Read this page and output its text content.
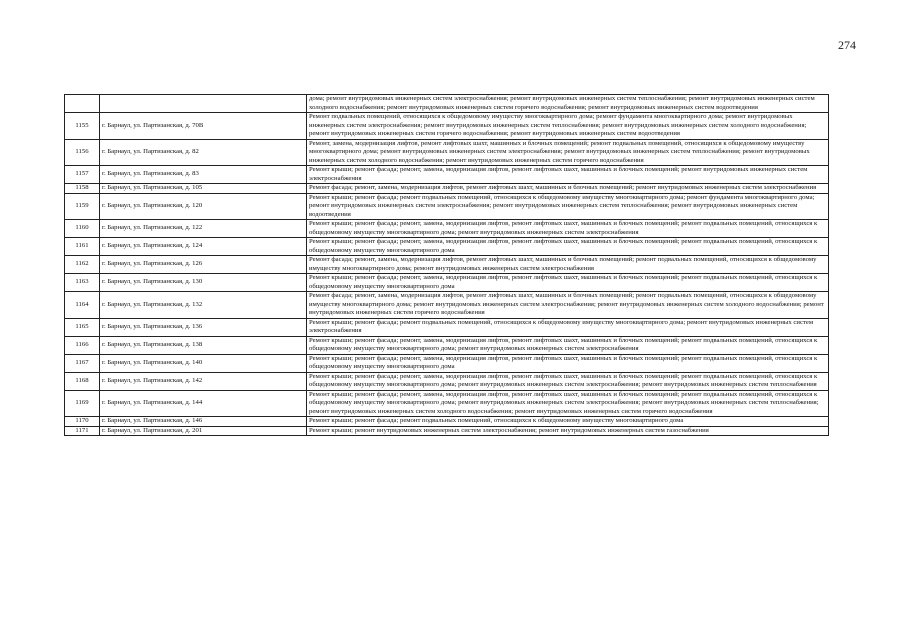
274
		дома; ремонт внутридомовых инженерных систем электроснабжения; ремонт внутридомовых инженерных систем теплоснабжения; ремонт внутридомовых инженерных систем холодного водоснабжения; ремонт внутридомовых инженерных систем горячего водоснабжения; ремонт внутридомовых инженерных систем водоотведения
1155	г. Барнаул, ул. Партизанская, д. 70В	Ремонт подвальных помещений, относящихся к общедомовому имуществу многоквартирного дома; ремонт фундамента многоквартирного дома; ремонт внутридомовых инженерных систем электроснабжения; ремонт внутридомовых инженерных систем теплоснабжения; ремонт внутридомовых инженерных систем холодного водоснабжения; ремонт внутридомовых инженерных систем горячего водоснабжения; ремонт внутридомовых инженерных систем водоотведения
1156	г. Барнаул, ул. Партизанская, д. 82	Ремонт, замена, модернизация лифтов, ремонт лифтовых шахт, машинных и блочных помещений; ремонт подвальных помещений, относящихся к общедомовому имуществу многоквартирного дома; ремонт внутридомовых инженерных систем электроснабжения; ремонт внутридомовых инженерных систем теплоснабжения; ремонт внутридомовых инженерных систем холодного водоснабжения; ремонт внутридомовых инженерных систем горячего водоснабжения
1157	г. Барнаул, ул. Партизанская, д. 83	Ремонт крыши; ремонт фасада; ремонт, замена, модернизация лифтов, ремонт лифтовых шахт, машинных и блочных помещений; ремонт внутридомовых инженерных систем электроснабжения
1158	г. Барнаул, ул. Партизанская, д. 105	Ремонт фасада; ремонт, замена, модернизация лифтов, ремонт лифтовых шахт, машинных и блочных помещений; ремонт внутридомовых инженерных систем электроснабжения
1159	г. Барнаул, ул. Партизанская, д. 120	Ремонт крыши; ремонт фасада; ремонт подвальных помещений, относящихся к общедомовому имуществу многоквартирного дома; ремонт фундамента многоквартирного дома; ремонт внутридомовых инженерных систем электроснабжения; ремонт внутридомовых инженерных систем теплоснабжения; ремонт внутридомовых инженерных систем водоотведения
1160	г. Барнаул, ул. Партизанская, д. 122	Ремонт крыши; ремонт фасада; ремонт, замена, модернизация лифтов, ремонт лифтовых шахт, машинных и блочных помещений; ремонт подвальных помещений, относящихся к общедомовому имуществу многоквартирного дома; ремонт внутридомовых инженерных систем электроснабжения
1161	г. Барнаул, ул. Партизанская, д. 124	Ремонт крыши; ремонт фасада; ремонт, замена, модернизация лифтов, ремонт лифтовых шахт, машинных и блочных помещений; ремонт подвальных помещений, относящихся к общедомовому имуществу многоквартирного дома
1162	г. Барнаул, ул. Партизанская, д. 126	Ремонт фасада; ремонт, замена, модернизация лифтов, ремонт лифтовых шахт, машинных и блочных помещений; ремонт подвальных помещений, относящихся к общедомовому имуществу многоквартирного дома; ремонт внутридомовых инженерных систем электроснабжения
1163	г. Барнаул, ул. Партизанская, д. 130	Ремонт крыши; ремонт фасада; ремонт, замена, модернизация лифтов, ремонт лифтовых шахт, машинных и блочных помещений; ремонт подвальных помещений, относящихся к общедомовому имуществу многоквартирного дома
1164	г. Барнаул, ул. Партизанская, д. 132	Ремонт фасада; ремонт, замена, модернизация лифтов, ремонт лифтовых шахт, машинных и блочных помещений; ремонт подвальных помещений, относящихся к общедомовому имуществу многоквартирного дома; ремонт внутридомовых инженерных систем электроснабжения; ремонт внутридомовых инженерных систем холодного водоснабжения; ремонт внутридомовых инженерных систем горячего водоснабжения
1165	г. Барнаул, ул. Партизанская, д. 136	Ремонт крыши; ремонт фасада; ремонт подвальных помещений, относящихся к общедомовому имуществу многоквартирного дома; ремонт внутридомовых инженерных систем электроснабжения
1166	г. Барнаул, ул. Партизанская, д. 138	Ремонт крыши; ремонт фасада; ремонт, замена, модернизация лифтов, ремонт лифтовых шахт, машинных и блочных помещений; ремонт подвальных помещений, относящихся к общедомовому имуществу многоквартирного дома; ремонт внутридомовых инженерных систем электроснабжения
1167	г. Барнаул, ул. Партизанская, д. 140	Ремонт крыши; ремонт фасада; ремонт, замена, модернизация лифтов, ремонт лифтовых шахт, машинных и блочных помещений; ремонт подвальных помещений, относящихся к общедомовому имуществу многоквартирного дома
1168	г. Барнаул, ул. Партизанская, д. 142	Ремонт крыши; ремонт фасада; ремонт, замена, модернизация лифтов, ремонт лифтовых шахт, машинных и блочных помещений; ремонт подвальных помещений, относящихся к общедомовому имуществу многоквартирного дома; ремонт внутридомовых инженерных систем электроснабжения; ремонт внутридомовых инженерных систем теплоснабжения
1169	г. Барнаул, ул. Партизанская, д. 144	Ремонт крыши; ремонт фасада; ремонт, замена, модернизация лифтов, ремонт лифтовых шахт, машинных и блочных помещений; ремонт подвальных помещений, относящихся к общедомовому имуществу многоквартирного дома; ремонт внутридомовых инженерных систем электроснабжения; ремонт внутридомовых инженерных систем теплоснабжения; ремонт внутридомовых инженерных систем холодного водоснабжения; ремонт внутридомовых инженерных систем горячего водоснабжения
1170	г. Барнаул, ул. Партизанская, д. 146	Ремонт крыши; ремонт фасада; ремонт подвальных помещений, относящихся к общедомовому имуществу многоквартирного дома
1171	г. Барнаул, ул. Партизанская, д. 201	Ремонт крыши; ремонт внутридомовых инженерных систем электроснабжения; ремонт внутридомовых инженерных систем газоснабжения
